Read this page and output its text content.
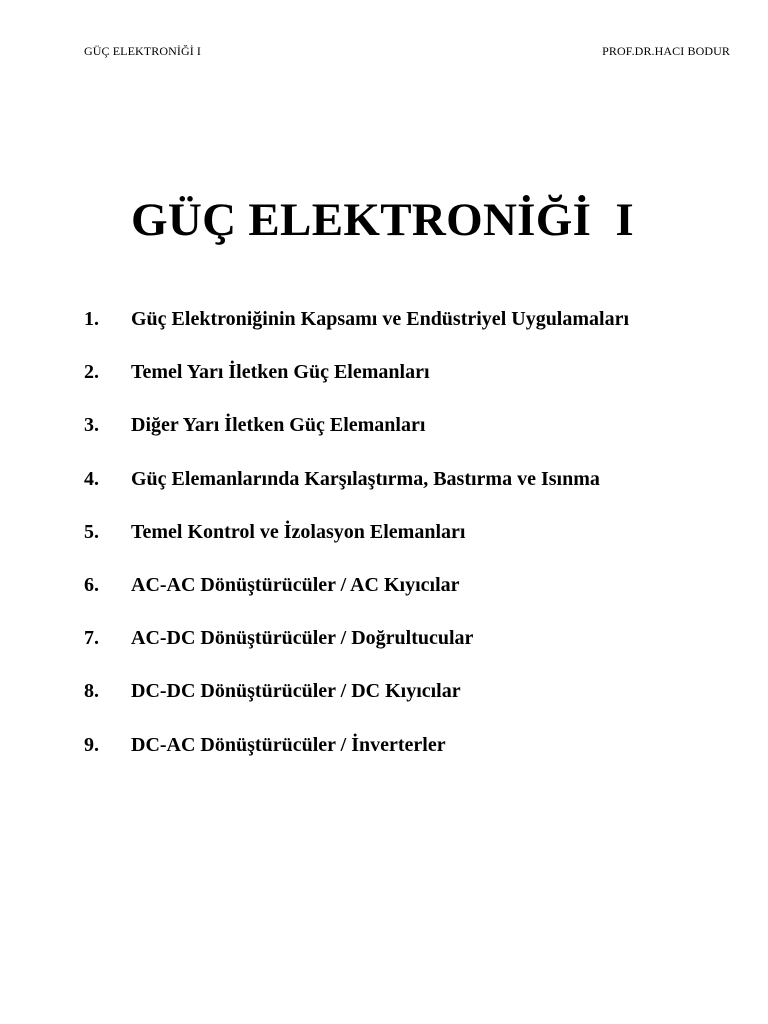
GÜÇ ELEKTRONİĞİ I	PROF.DR.HACI BODUR
GÜÇ ELEKTRONİĞİ  I
1.	Güç Elektroniğinin Kapsamı ve Endüstriyel Uygulamaları
2.	Temel Yarı İletken Güç Elemanları
3.	Diğer Yarı İletken Güç Elemanları
4.	Güç Elemanlarında Karşılaştırma, Bastırma ve Isınma
5.	Temel Kontrol ve İzolasyon Elemanları
6.	AC-AC Dönüştürücüler / AC Kıyıcılar
7.	AC-DC Dönüştürücüler / Doğrultucular
8.	DC-DC Dönüştürücüler / DC Kıyıcılar
9.	DC-AC Dönüştürücüler / İnverterler
